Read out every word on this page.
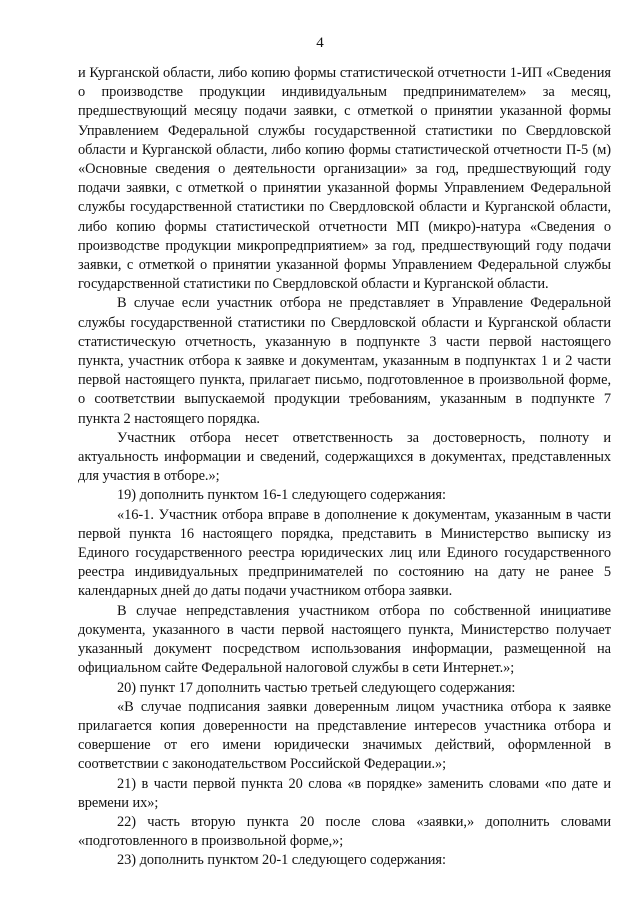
4

и Курганской области, либо копию формы статистической отчетности 1-ИП «Сведения о производстве продукции индивидуальным предпринимателем» за месяц, предшествующий месяцу подачи заявки, с отметкой о принятии указанной формы Управлением Федеральной службы государственной статистики по Свердловской области и Курганской области, либо копию формы статистической отчетности П-5 (м) «Основные сведения о деятельности организации» за год, предшествующий году подачи заявки, с отметкой о принятии указанной формы Управлением Федеральной службы государственной статистики по Свердловской области и Курганской области, либо копию формы статистической отчетности МП (микро)-натура «Сведения о производстве продукции микропредприятием» за год, предшествующий году подачи заявки, с отметкой о принятии указанной формы Управлением Федеральной службы государственной статистики по Свердловской области и Курганской области.

В случае если участник отбора не представляет в Управление Федеральной службы государственной статистики по Свердловской области и Курганской области статистическую отчетность, указанную в подпункте 3 части первой настоящего пункта, участник отбора к заявке и документам, указанным в подпунктах 1 и 2 части первой настоящего пункта, прилагает письмо, подготовленное в произвольной форме, о соответствии выпускаемой продукции требованиям, указанным в подпункте 7 пункта 2 настоящего порядка.

Участник отбора несет ответственность за достоверность, полноту и актуальность информации и сведений, содержащихся в документах, представленных для участия в отборе.»;

19) дополнить пунктом 16-1 следующего содержания:

«16-1. Участник отбора вправе в дополнение к документам, указанным в части первой пункта 16 настоящего порядка, представить в Министерство выписку из Единого государственного реестра юридических лиц или Единого государственного реестра индивидуальных предпринимателей по состоянию на дату не ранее 5 календарных дней до даты подачи участником отбора заявки.

В случае непредставления участником отбора по собственной инициативе документа, указанного в части первой настоящего пункта, Министерство получает указанный документ посредством использования информации, размещенной на официальном сайте Федеральной налоговой службы в сети Интернет.»;

20) пункт 17 дополнить частью третьей следующего содержания:

«В случае подписания заявки доверенным лицом участника отбора к заявке прилагается копия доверенности на представление интересов участника отбора и совершение от его имени юридически значимых действий, оформленной в соответствии с законодательством Российской Федерации.»;

21) в части первой пункта 20 слова «в порядке» заменить словами «по дате и времени их»;

22) часть вторую пункта 20 после слова «заявки,» дополнить словами «подготовленного в произвольной форме,»;

23) дополнить пунктом 20-1 следующего содержания:
